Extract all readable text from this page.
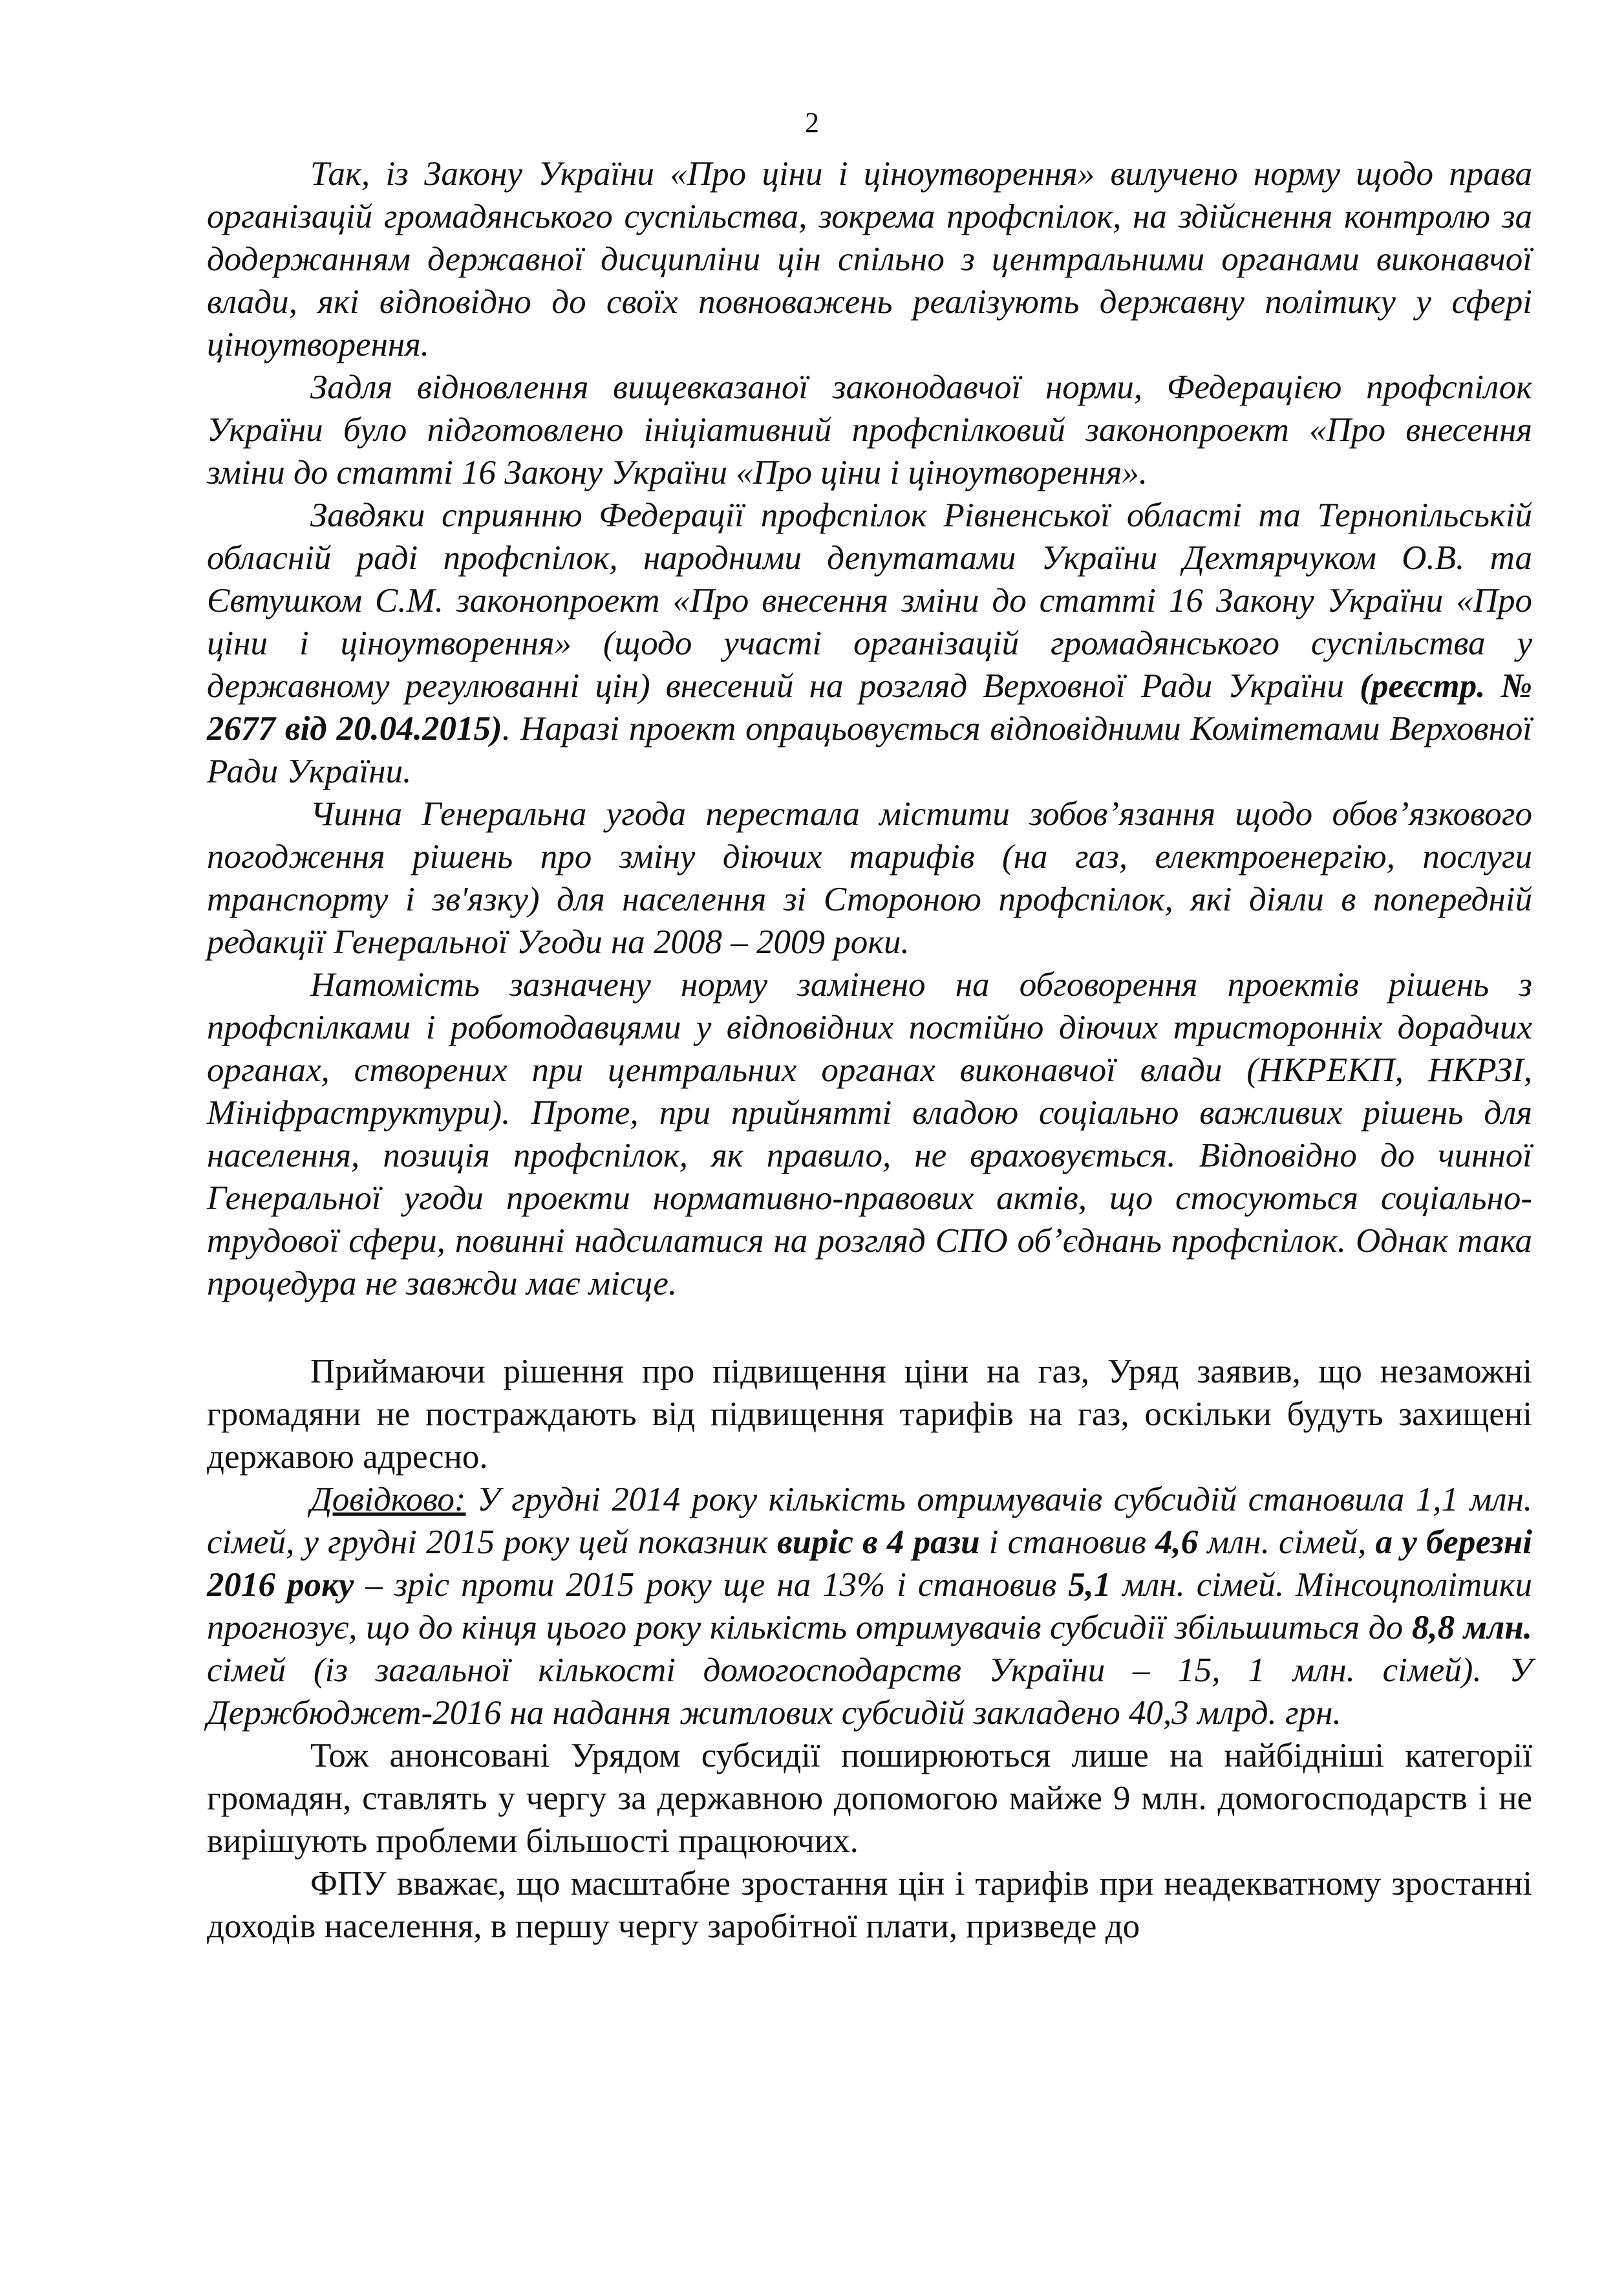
2

Так, із Закону України «Про ціни і ціноутворення» вилучено норму щодо права організацій громадянського суспільства, зокрема профспілок, на здійснення контролю за додержанням державної дисципліни цін спільно з центральними органами виконавчої влади, які відповідно до своїх повноважень реалізують державну політику у сфері ціноутворення.

Задля відновлення вищевказаної законодавчої норми, Федерацією профспілок України було підготовлено ініціативний профспілковий законопроект «Про внесення зміни до статті 16 Закону України «Про ціни і ціноутворення».

Завдяки сприянню Федерації профспілок Рівненської області та Тернопільській обласній раді профспілок, народними депутатами України Дехтярчуком О.В. та Євтушком С.М. законопроект «Про внесення зміни до статті 16 Закону України «Про ціни і ціноутворення» (щодо участі організацій громадянського суспільства у державному регулюванні цін) внесений на розгляд Верховної Ради України (реєстр. № 2677 від 20.04.2015). Наразі проект опрацьовується відповідними Комітетами Верховної Ради України.

Чинна Генеральна угода перестала містити зобов’язання щодо обов’язкового погодження рішень про зміну діючих тарифів (на газ, електроенергію, послуги транспорту і зв'язку) для населення зі Стороною профспілок, які діяли в попередній редакції Генеральної Угоди на 2008 – 2009 роки.

Натомість зазначену норму замінено на обговорення проектів рішень з профспілками і роботодавцями у відповідних постійно діючих тристоронніх дорадчих органах, створених при центральних органах виконавчої влади (НКРЕКП, НКРЗІ, Мініфраструктури). Проте, при прийнятті владою соціально важливих рішень для населення, позиція профспілок, як правило, не враховується. Відповідно до чинної Генеральної угоди проекти нормативно-правових актів, що стосуються соціально-трудової сфери, повинні надсилатися на розгляд СПО об’єднань профспілок. Однак така процедура не завжди має місце.

Приймаючи рішення про підвищення ціни на газ, Уряд заявив, що незаможні громадяни не постраждають від підвищення тарифів на газ, оскільки будуть захищені державою адресно.

Довідково: У грудні 2014 року кількість отримувачів субсидій становила 1,1 млн. сімей, у грудні 2015 року цей показник виріс в 4 рази і становив 4,6 млн. сімей, а у березні 2016 року – зріс проти 2015 року ще на 13% і становив 5,1 млн. сімей. Мінсоцполітики прогнозує, що до кінця цього року кількість отримувачів субсидії збільшиться до 8,8 млн. сімей (із загальної кількості домогосподарств України – 15, 1 млн. сімей). У Держбюджет-2016 на надання житлових субсидій закладено 40,3 млрд. грн.

Тож анонсовані Урядом субсидії поширюються лише на найбідніші категорії громадян, ставлять у чергу за державною допомогою майже 9 млн. домогосподарств і не вирішують проблеми більшості працюючих.

ФПУ вважає, що масштабне зростання цін і тарифів при неадекватному зростанні доходів населення, в першу чергу заробітної плати, призведе до
